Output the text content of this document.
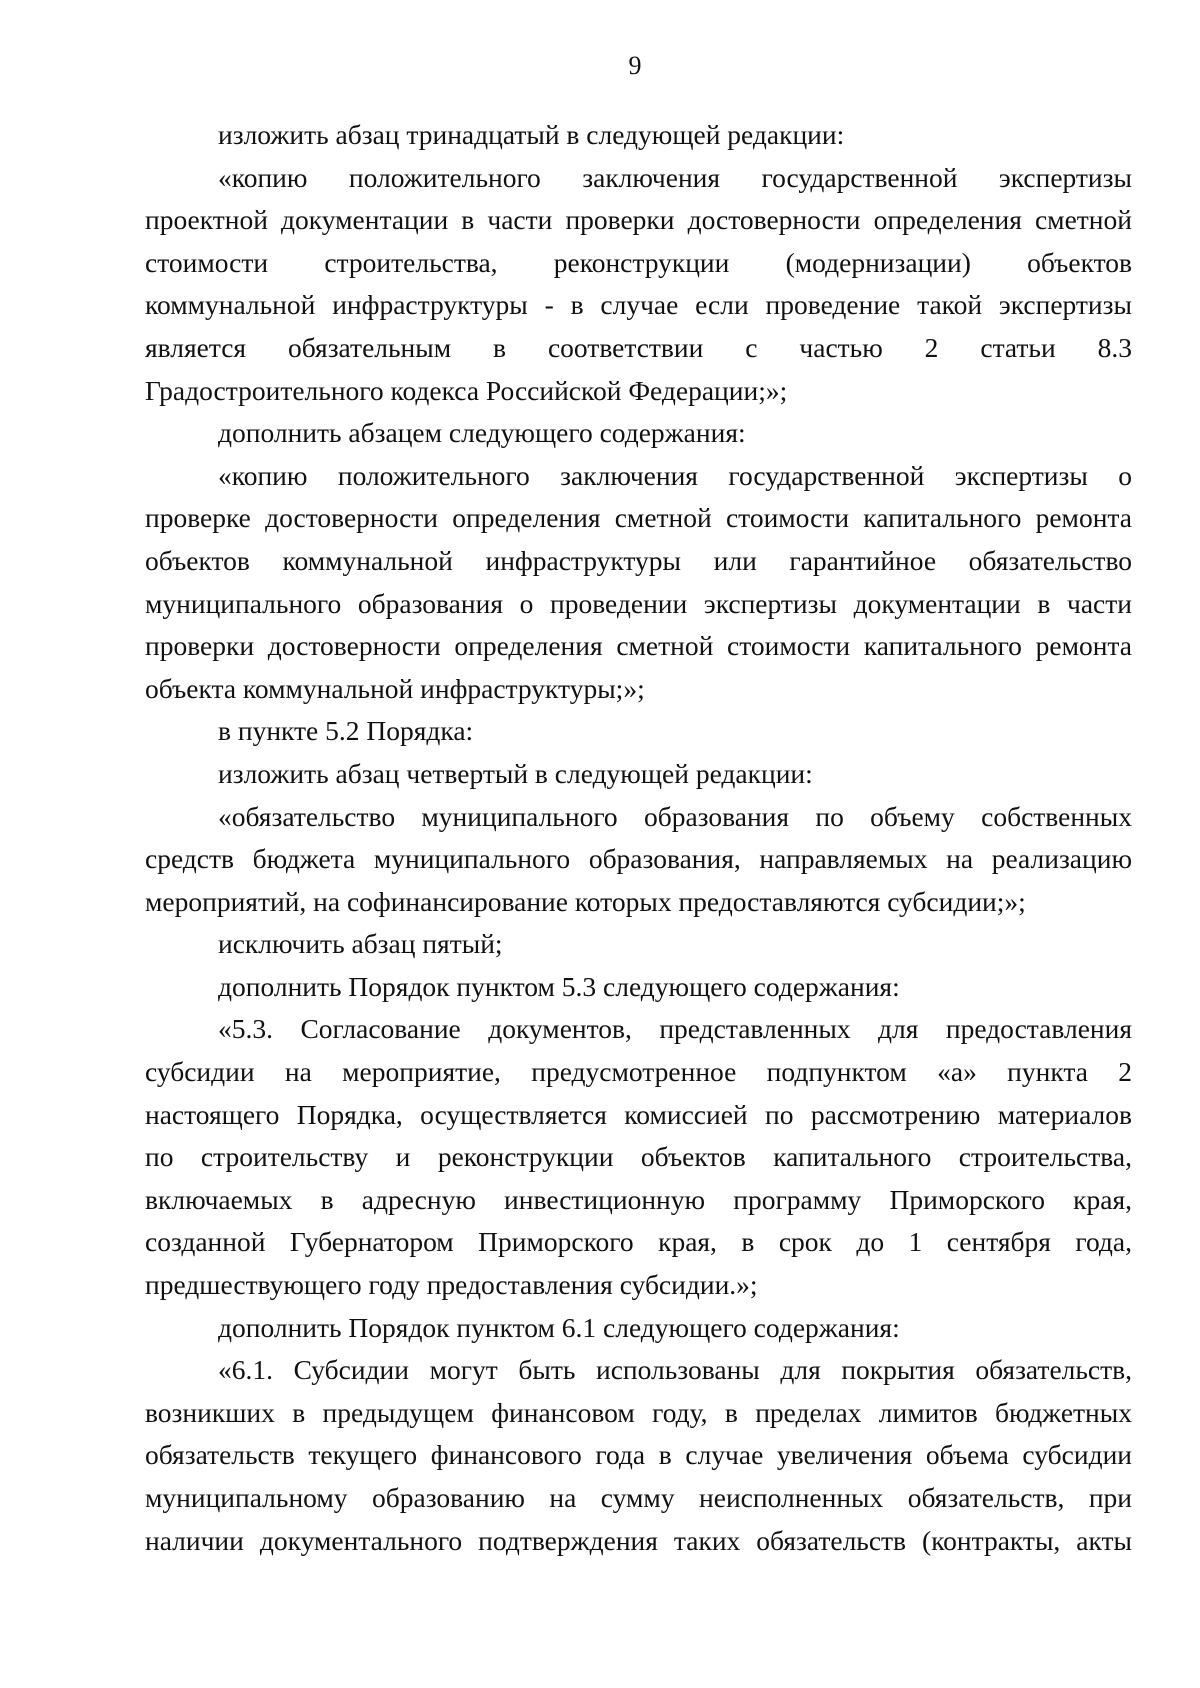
9
изложить абзац тринадцатый в следующей редакции:
«копию положительного заключения государственной экспертизы
проектной документации в части проверки достоверности определения сметной
стоимости строительства, реконструкции (модернизации) объектов
коммунальной инфраструктуры - в случае если проведение такой экспертизы
является обязательным в соответствии с частью 2 статьи 8.3
Градостроительного кодекса Российской Федерации;»;
дополнить абзацем следующего содержания:
«копию положительного заключения государственной экспертизы о
проверке достоверности определения сметной стоимости капитального ремонта
объектов коммунальной инфраструктуры или гарантийное обязательство
муниципального образования о проведении экспертизы документации в части
проверки достоверности определения сметной стоимости капитального ремонта
объекта коммунальной инфраструктуры;»;
в пункте 5.2 Порядка:
изложить абзац четвертый в следующей редакции:
«обязательство муниципального образования по объему собственных
средств бюджета муниципального образования, направляемых на реализацию
мероприятий, на софинансирование которых предоставляются субсидии;»;
исключить абзац пятый;
дополнить Порядок пунктом 5.3 следующего содержания:
«5.3. Согласование документов, представленных для предоставления
субсидии на мероприятие, предусмотренное подпунктом «а» пункта 2
настоящего Порядка, осуществляется комиссией по рассмотрению материалов
по строительству и реконструкции объектов капитального строительства,
включаемых в адресную инвестиционную программу Приморского края,
созданной Губернатором Приморского края, в срок до 1 сентября года,
предшествующего году предоставления субсидии.»;
дополнить Порядок пунктом 6.1 следующего содержания:
«6.1. Субсидии могут быть использованы для покрытия обязательств,
возникших в предыдущем финансовом году, в пределах лимитов бюджетных
обязательств текущего финансового года в случае увеличения объема субсидии
муниципальному образованию на сумму неисполненных обязательств, при
наличии документального подтверждения таких обязательств (контракты, акты
